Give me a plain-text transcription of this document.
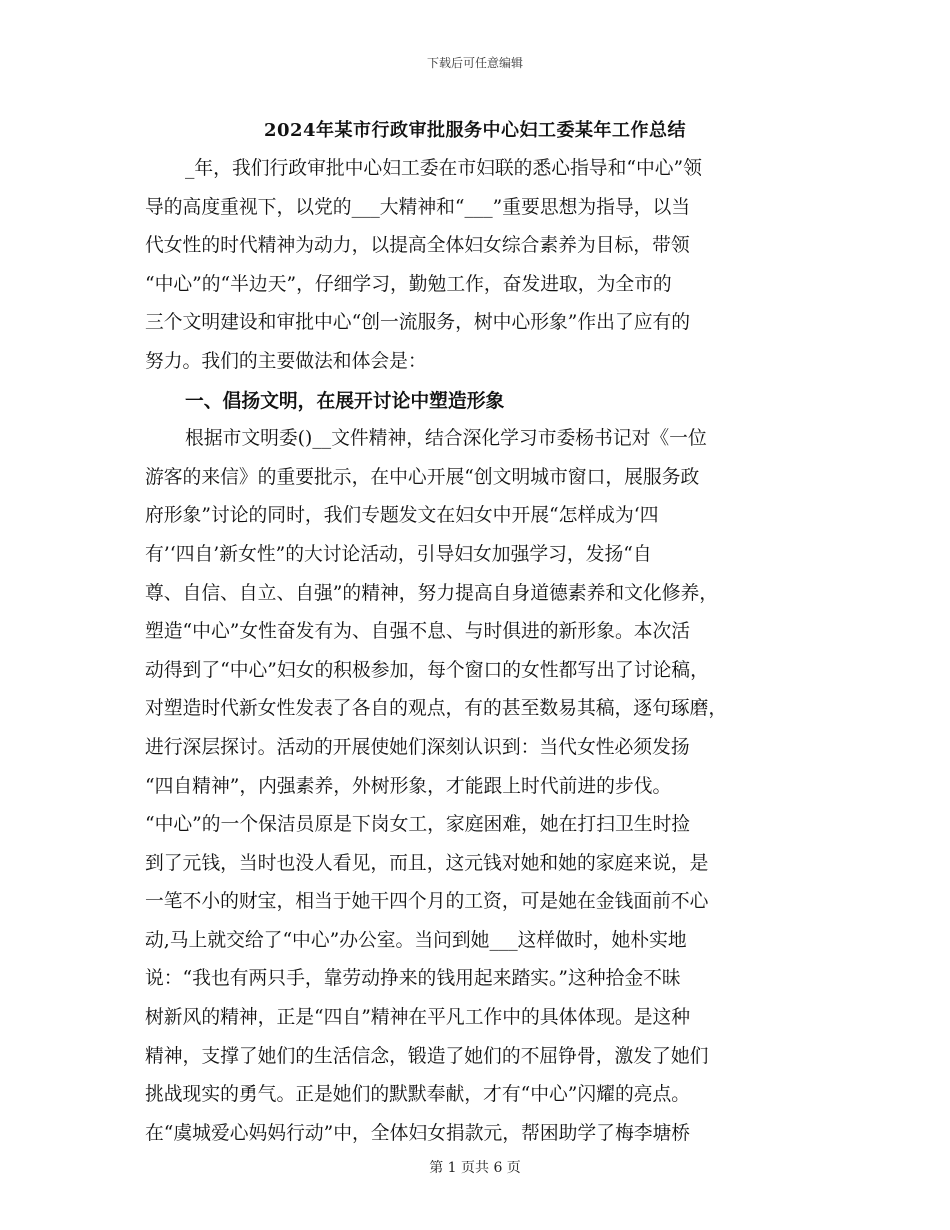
下载后可任意编辑
2024年某市行政审批服务中心妇工委某年工作总结
_年，我们行政审批中心妇工委在市妇联的悉心指导和“中心”领
导的高度重视下，以党的___大精神和“___”重要思想为指导，以当
代女性的时代精神为动力，以提高全体妇女综合素养为目标，带领
“中心”的“半边天”，仔细学习，勤勉工作，奋发进取，为全市的
三个文明建设和审批中心“创一流服务，树中心形象”作出了应有的
努力。我们的主要做法和体会是：
一、倡扬文明，在展开讨论中塑造形象
根据市文明委()__文件精神，结合深化学习市委杨书记对《一位
游客的来信》的重要批示，在中心开展“创文明城市窗口，展服务政
府形象”讨论的同时，我们专题发文在妇女中开展“怎样成为‘四
有’‘四自’新女性”的大讨论活动，引导妇女加强学习，发扬“自
尊、自信、自立、自强”的精神，努力提高自身道德素养和文化修养，
塑造“中心”女性奋发有为、自强不息、与时俱进的新形象。本次活
动得到了“中心”妇女的积极参加，每个窗口的女性都写出了讨论稿，
对塑造时代新女性发表了各自的观点，有的甚至数易其稿，逐句琢磨，
进行深层探讨。活动的开展使她们深刻认识到：当代女性必须发扬
“四自精神”，内强素养，外树形象，才能跟上时代前进的步伐。
“中心”的一个保洁员原是下岗女工，家庭困难，她在打扫卫生时捡
到了元钱，当时也没人看见，而且，这元钱对她和她的家庭来说，是
一笔不小的财宝，相当于她干四个月的工资，可是她在金钱面前不心
动,马上就交给了“中心”办公室。当问到她___这样做时，她朴实地
说：“我也有两只手，靠劳动挣来的钱用起来踏实。”这种拾金不昧
树新风的精神，正是“四自”精神在平凡工作中的具体体现。是这种
精神，支撑了她们的生活信念，锻造了她们的不屈铮骨，激发了她们
挑战现实的勇气。正是她们的默默奉献，才有“中心”闪耀的亮点。
在“虞城爱心妈妈行动”中，全体妇女捐款元，帮困助学了梅李塘桥
第 1 页共 6 页
